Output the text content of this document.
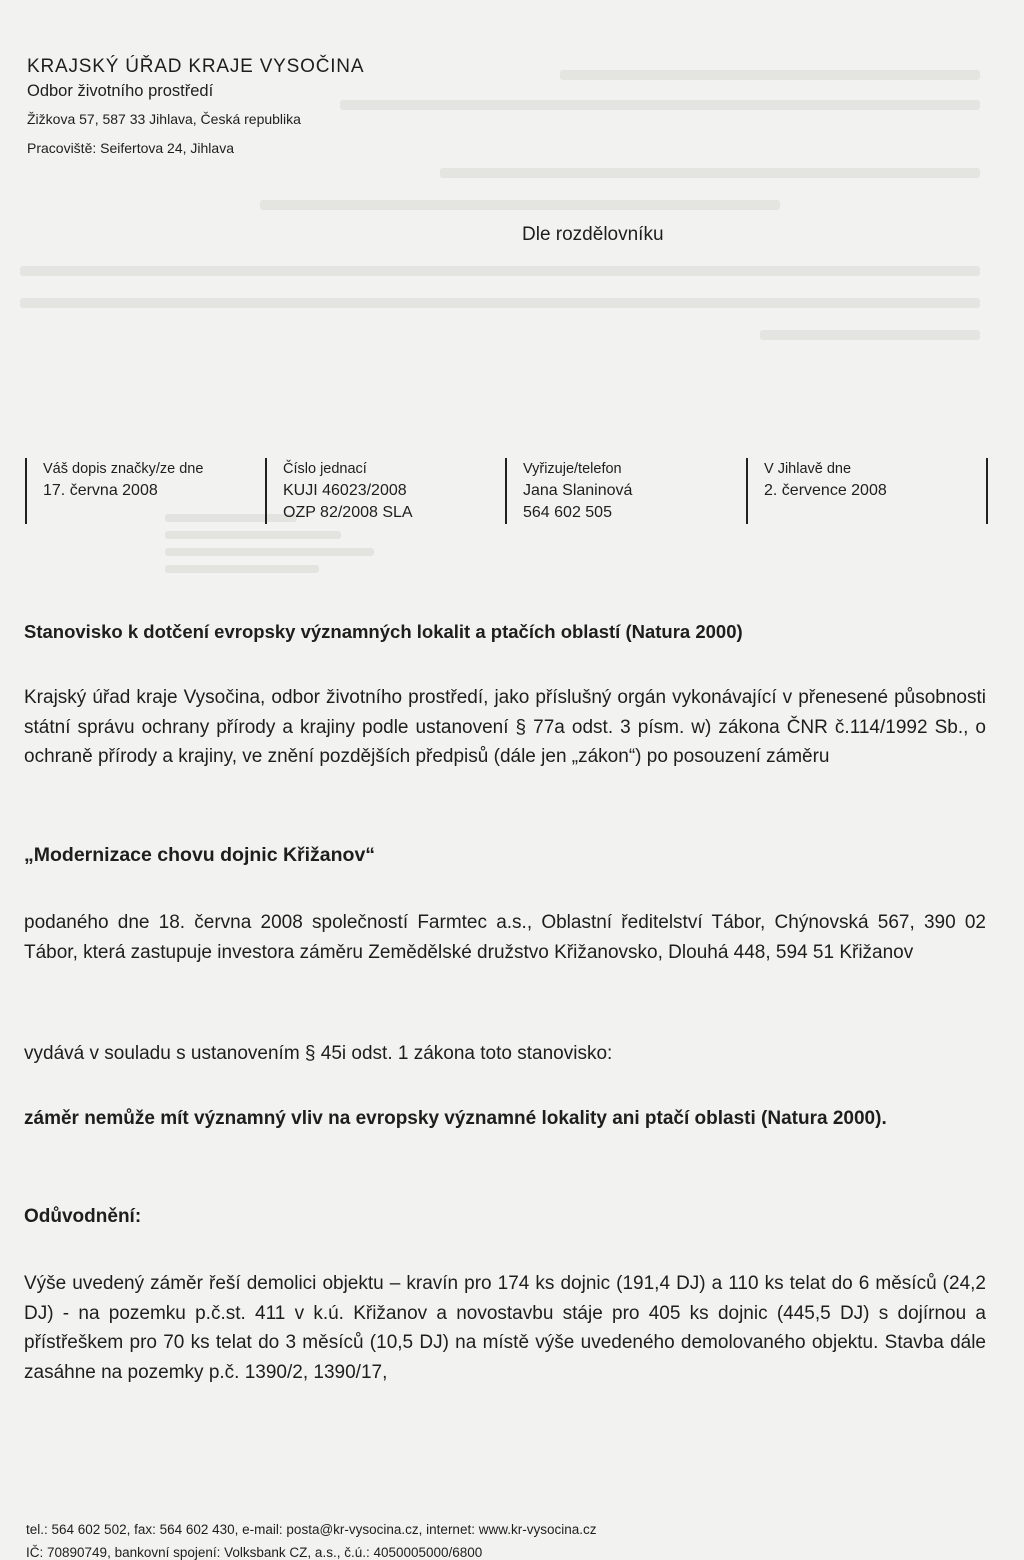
KRAJSKÝ ÚŘAD KRAJE VYSOČINA
Odbor životního prostředí
Žižkova 57, 587 33 Jihlava, Česká republika
Pracoviště: Seifertova 24, Jihlava
Dle rozdělovníku
Váš dopis značky/ze dne
17. června 2008
Číslo jednací
KUJI 46023/2008
OZP 82/2008 SLA
Vyřizuje/telefon
Jana Slaninová
564 602 505
V Jihlavě dne
2. července 2008
Stanovisko k dotčení evropsky významných lokalit a ptačích oblastí (Natura 2000)
Krajský úřad kraje Vysočina, odbor životního prostředí, jako příslušný orgán vykonávající v přenesené působnosti státní správu ochrany přírody a krajiny podle ustanovení § 77a odst. 3 písm. w) zákona ČNR č.114/1992 Sb., o ochraně přírody a krajiny, ve znění pozdějších předpisů (dále jen „zákon“) po posouzení záměru
„Modernizace chovu dojnic Křižanov“
podaného dne 18. června 2008 společností Farmtec a.s., Oblastní ředitelství Tábor, Chýnovská 567, 390 02 Tábor, která zastupuje investora záměru Zemědělské družstvo Křižanovsko, Dlouhá 448, 594 51 Křižanov
vydává v souladu s ustanovením § 45i odst. 1 zákona toto stanovisko:
záměr nemůže mít významný vliv na evropsky významné lokality ani ptačí oblasti (Natura 2000).
Odůvodnění:
Výše uvedený záměr řeší demolici objektu – kravín pro 174 ks dojnic (191,4 DJ) a 110 ks telat do 6 měsíců (24,2 DJ) - na pozemku p.č.st. 411 v k.ú. Křižanov a novostavbu stáje pro 405 ks dojnic (445,5 DJ) s dojírnou a přístřeškem pro 70 ks telat do 3 měsíců (10,5 DJ) na místě výše uvedeného demolovaného objektu. Stavba dále zasáhne na pozemky p.č. 1390/2, 1390/17,
tel.: 564 602 502, fax: 564 602 430, e-mail: posta@kr-vysocina.cz, internet: www.kr-vysocina.cz
IČ: 70890749, bankovní spojení: Volksbank CZ, a.s., č.ú.: 4050005000/6800
